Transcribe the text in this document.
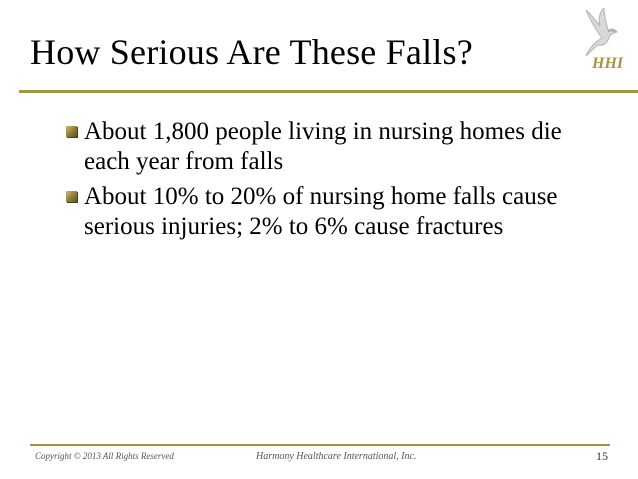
How Serious Are These Falls?	HHI
About 1,800 people living in nursing homes die each year from falls
About 10% to 20% of nursing home falls cause serious injuries; 2% to 6% cause fractures
Copyright © 2013 All Rights Reserved	Harmony Healthcare International, Inc.	15
